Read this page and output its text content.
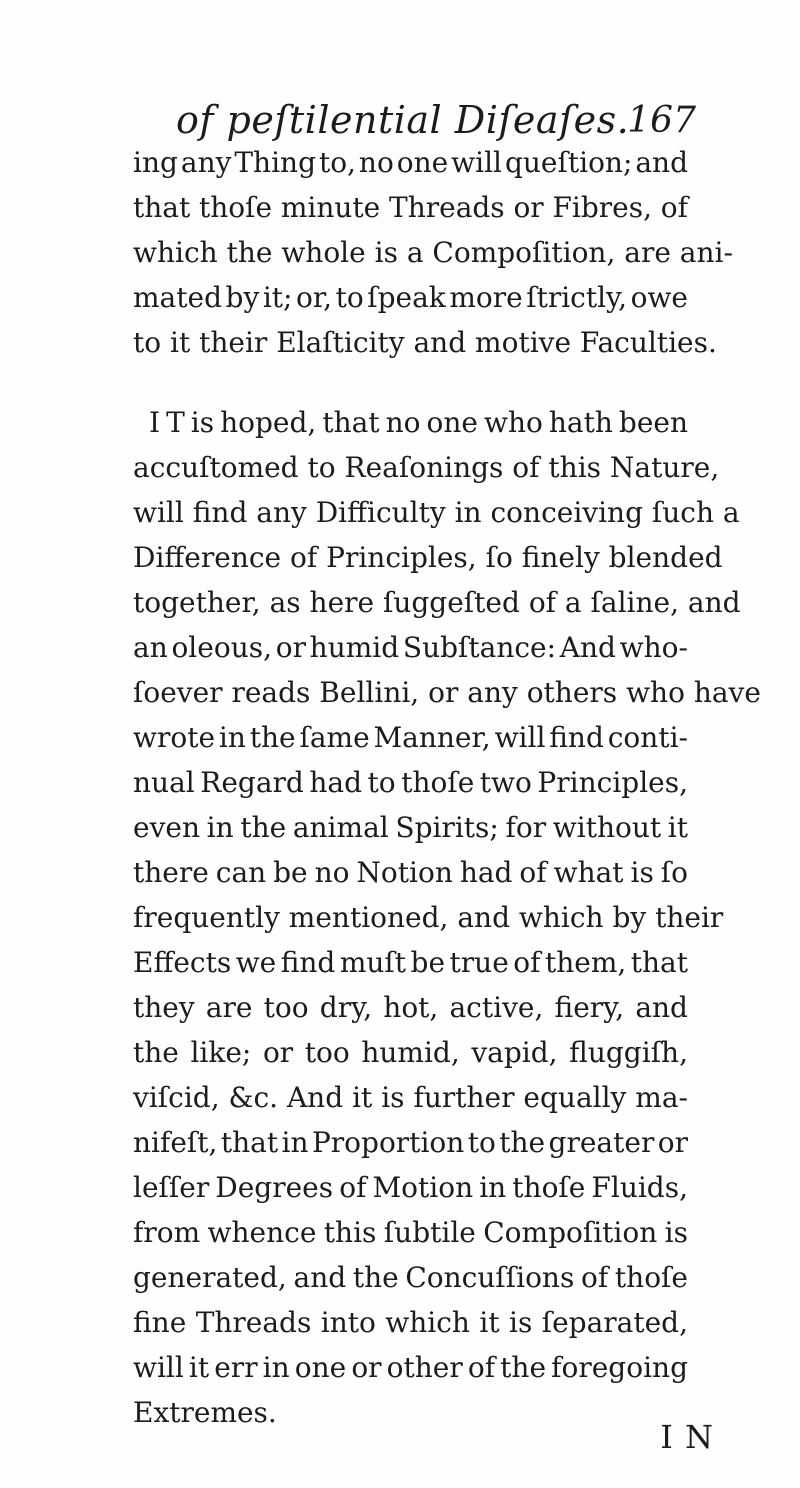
of peſtilential Diſeaſes.
167
ing any Thing to, no one will queſtion; and
that thoſe minute Threads or Fibres, of
which the whole is a Compoſition, are ani-
mated by it; or, to ſpeak more ſtrictly, owe
to it their Elaſticity and motive Faculties.
I T is hoped, that no one who hath been
accuſtomed to Reaſonings of this Nature,
will find any Difficulty in conceiving ſuch a
Difference of Principles, ſo finely blended
together, as here ſuggeſted of a ſaline, and
an oleous, or humid Subſtance: And who-
ſoever reads Bellini, or any others who have
wrote in the ſame Manner, will find conti-
nual Regard had to thoſe two Principles,
even in the animal Spirits; for without it
there can be no Notion had of what is ſo
frequently mentioned, and which by their
Effects we find muſt be true of them, that
they are too dry, hot, active, fiery, and
the like; or too humid, vapid, fluggiſh,
viſcid, &c. And it is further equally ma-
nifeſt, that in Proportion to the greater or
leſſer Degrees of Motion in thoſe Fluids,
from whence this ſubtile Compoſition is
generated, and the Concuſſions of thoſe
fine Threads into which it is ſeparated,
will it err in one or other of the foregoing
Extremes.
I N
